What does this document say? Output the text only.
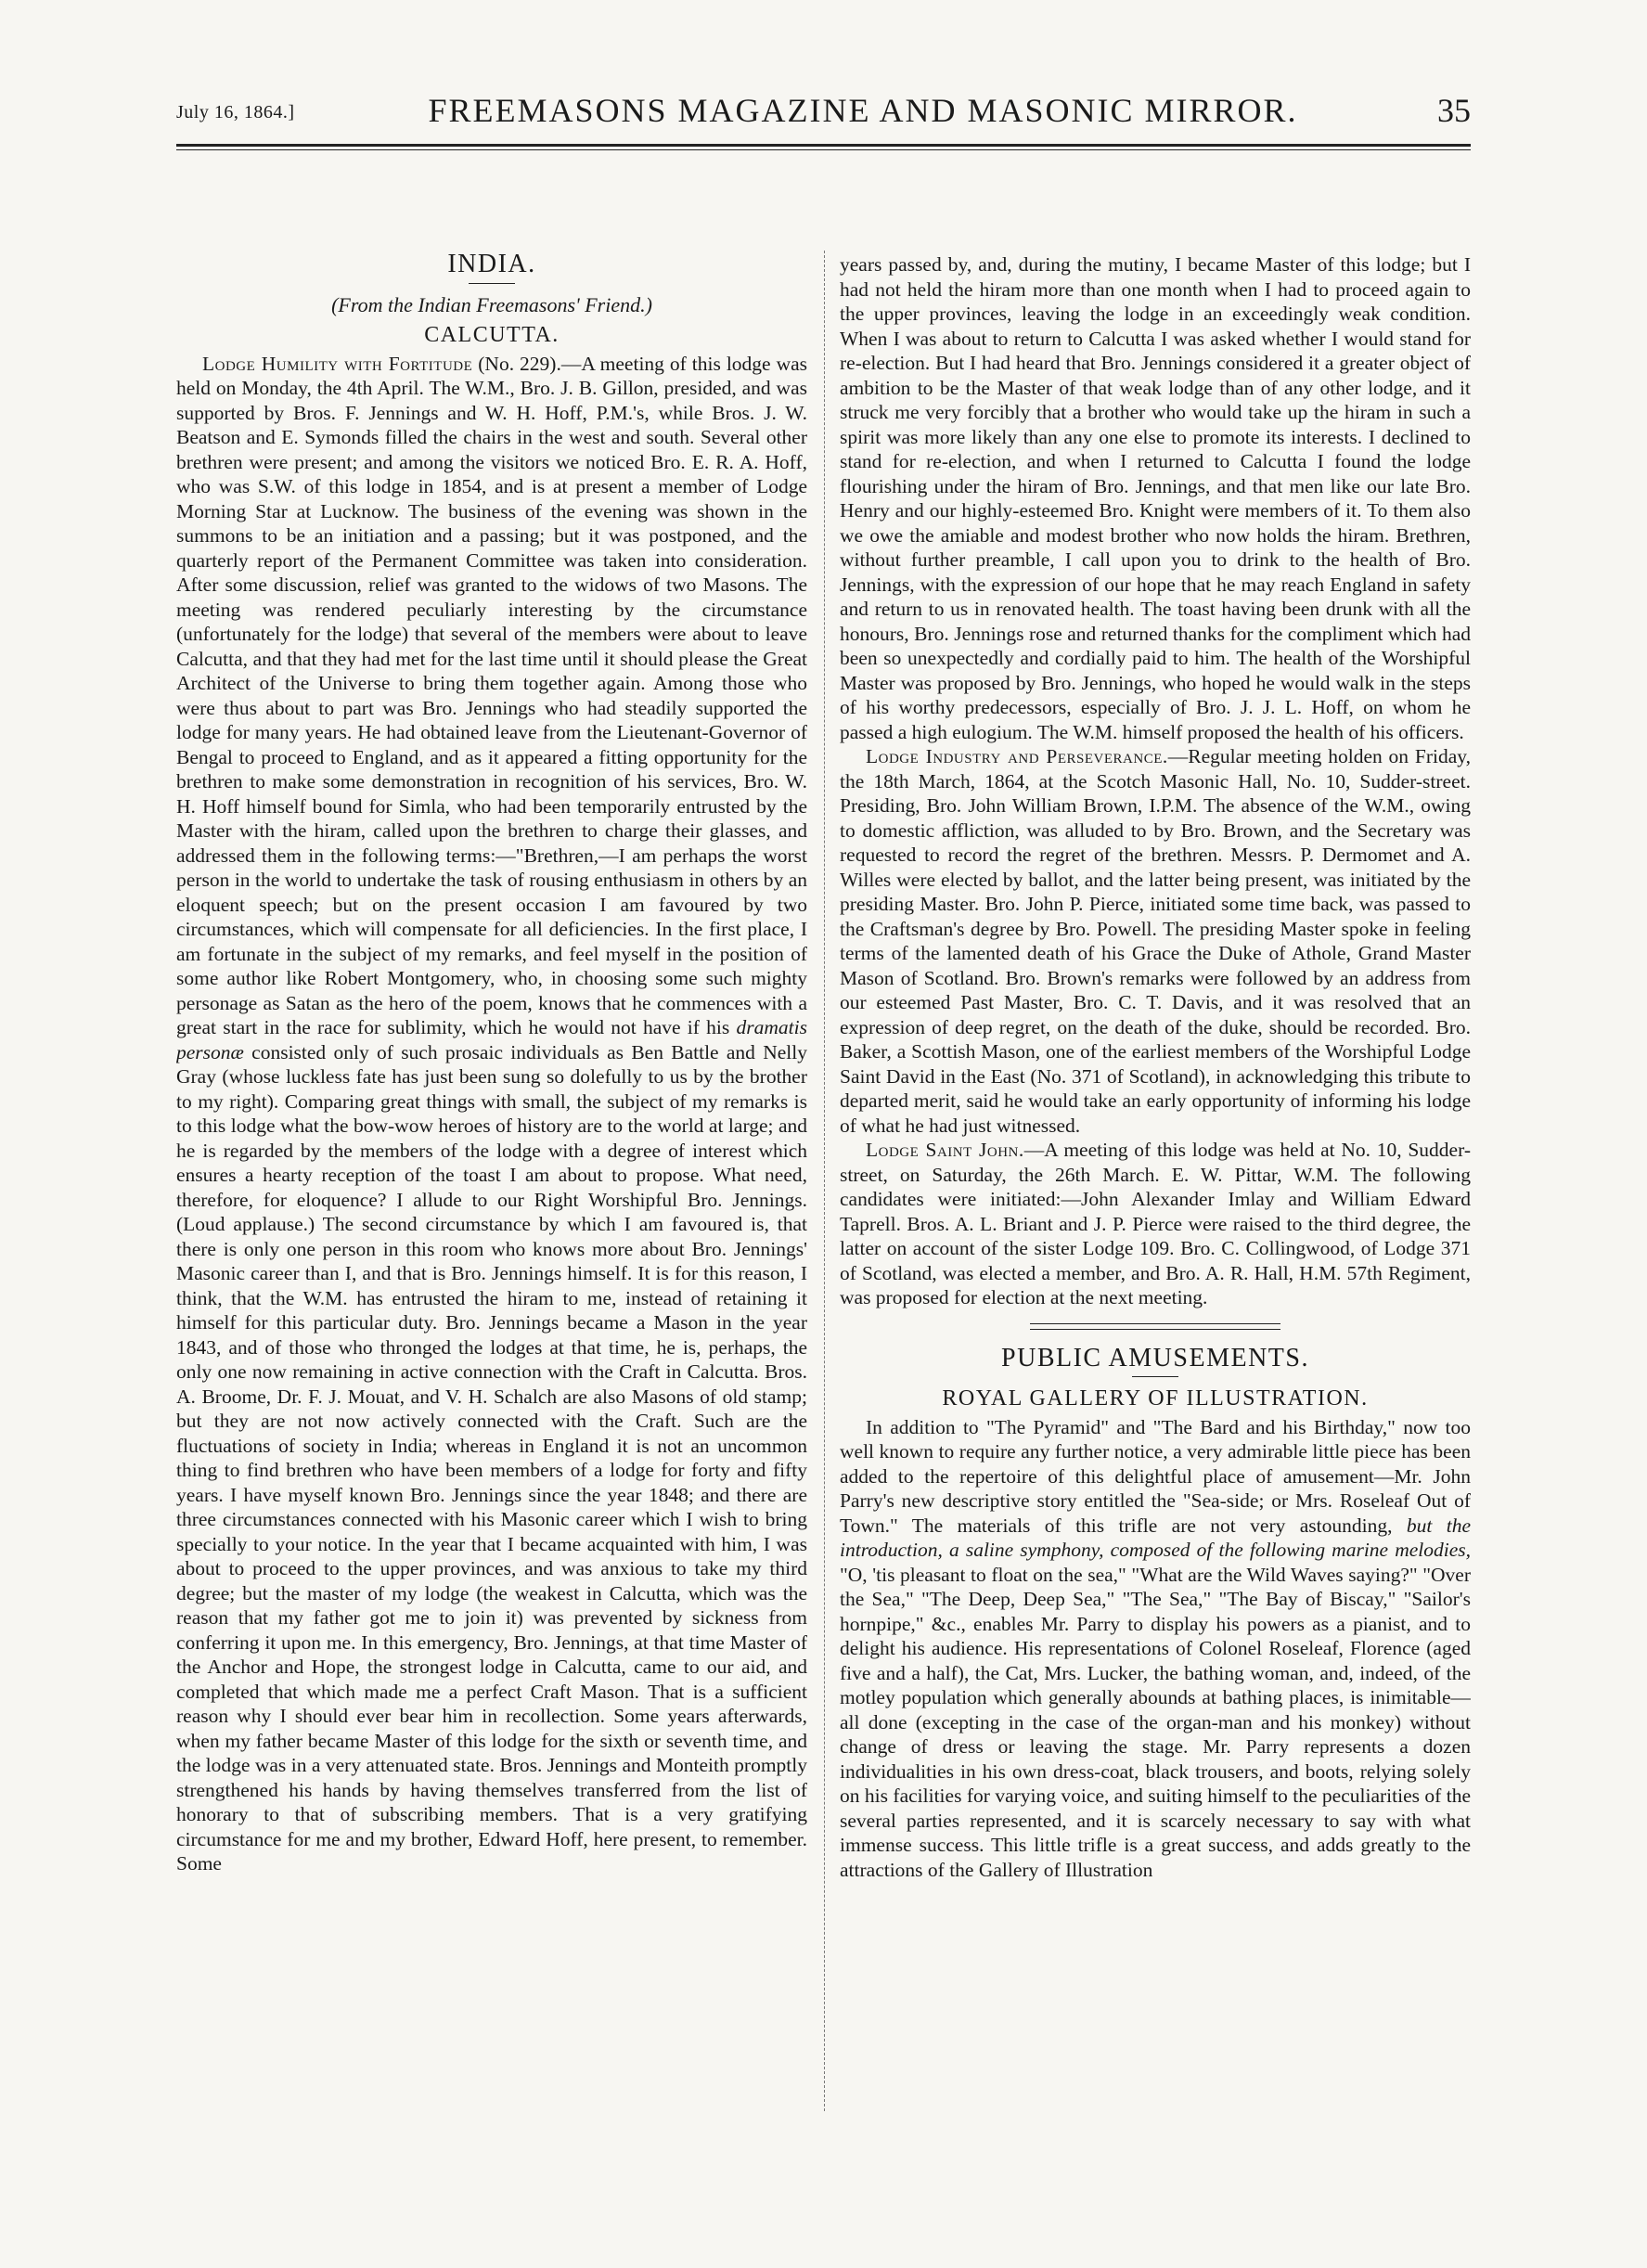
July 16, 1864.]	FREEMASONS MAGAZINE AND MASONIC MIRROR.	35
INDIA.
(From the Indian Freemasons' Friend.)
CALCUTTA.

Lodge Humility with Fortitude (No. 229).—A meeting of this lodge was held on Monday, the 4th April. The W.M., Bro. J. B. Gillon, presided, and was supported by Bros. F. Jennings and W. H. Hoff, P.M.'s, while Bros. J. W. Beatson and E. Symonds filled the chairs in the west and south. Several other brethren were present; and among the visitors we noticed Bro. E. R. A. Hoff, who was S.W. of this lodge in 1854, and is at present a member of Lodge Morning Star at Lucknow. The business of the evening was shown in the summons to be an initiation and a passing; but it was postponed, and the quarterly report of the Permanent Committee was taken into consideration. After some discussion, relief was granted to the widows of two Masons. The meeting was rendered peculiarly interesting by the circumstance (unfortunately for the lodge) that several of the members were about to leave Calcutta, and that they had met for the last time until it should please the Great Architect of the Universe to bring them together again. Among those who were thus about to part was Bro. Jennings who had steadily supported the lodge for many years. He had obtained leave from the Lieutenant-Governor of Bengal to proceed to England, and as it appeared a fitting opportunity for the brethren to make some demonstration in recognition of his services, Bro. W. H. Hoff himself bound for Simla, who had been temporarily entrusted by the Master with the hiram, called upon the brethren to charge their glasses, and addressed them in the following terms:—"Brethren,—I am perhaps the worst person in the world to undertake the task of rousing enthusiasm in others by an eloquent speech; but on the present occasion I am favoured by two circumstances, which will compensate for all deficiencies. In the first place, I am fortunate in the subject of my remarks, and feel myself in the position of some author like Robert Montgomery, who, in choosing some such mighty personage as Satan as the hero of the poem, knows that he commences with a great start in the race for sublimity, which he would not have if his dramatis personæ consisted only of such prosaic individuals as Ben Battle and Nelly Gray (whose luckless fate has just been sung so dolefully to us by the brother to my right). Comparing great things with small, the subject of my remarks is to this lodge what the bow-wow heroes of history are to the world at large; and he is regarded by the members of the lodge with a degree of interest which ensures a hearty reception of the toast I am about to propose. What need, therefore, for eloquence? I allude to our Right Worshipful Bro. Jennings. (Loud applause.) The second circumstance by which I am favoured is, that there is only one person in this room who knows more about Bro. Jennings' Masonic career than I, and that is Bro. Jennings himself. It is for this reason, I think, that the W.M. has entrusted the hiram to me, instead of retaining it himself for this particular duty. Bro. Jennings became a Mason in the year 1843, and of those who thronged the lodges at that time, he is, perhaps, the only one now remaining in active connection with the Craft in Calcutta. Bros. A. Broome, Dr. F. J. Mouat, and V. H. Schalch are also Masons of old stamp; but they are not now actively connected with the Craft. Such are the fluctuations of society in India; whereas in England it is not an uncommon thing to find brethren who have been members of a lodge for forty and fifty years. I have myself known Bro. Jennings since the year 1848; and there are three circumstances connected with his Masonic career which I wish to bring specially to your notice. In the year that I became acquainted with him, I was about to proceed to the upper provinces, and was anxious to take my third degree; but the master of my lodge (the weakest in Calcutta, which was the reason that my father got me to join it) was prevented by sickness from conferring it upon me. In this emergency, Bro. Jennings, at that time Master of the Anchor and Hope, the strongest lodge in Calcutta, came to our aid, and completed that which made me a perfect Craft Mason. That is a sufficient reason why I should ever bear him in recollection. Some years afterwards, when my father became Master of this lodge for the sixth or seventh time, and the lodge was in a very attenuated state. Bros. Jennings and Monteith promptly strengthened his hands by having themselves transferred from the list of honorary to that of subscribing members. That is a very gratifying circumstance for me and my brother, Edward Hoff, here present, to remember. Some

years passed by, and, during the mutiny, I became Master of this lodge; but I had not held the hiram more than one month when I had to proceed again to the upper provinces, leaving the lodge in an exceedingly weak condition. When I was about to return to Calcutta I was asked whether I would stand for re-election. But I had heard that Bro. Jennings considered it a greater object of ambition to be the Master of that weak lodge than of any other lodge, and it struck me very forcibly that a brother who would take up the hiram in such a spirit was more likely than any one else to promote its interests. I declined to stand for re-election, and when I returned to Calcutta I found the lodge flourishing under the hiram of Bro. Jennings, and that men like our late Bro. Henry and our highly-esteemed Bro. Knight were members of it. To them also we owe the amiable and modest brother who now holds the hiram. Brethren, without further preamble, I call upon you to drink to the health of Bro. Jennings, with the expression of our hope that he may reach England in safety and return to us in renovated health. The toast having been drunk with all the honours, Bro. Jennings rose and returned thanks for the compliment which had been so unexpectedly and cordially paid to him. The health of the Worshipful Master was proposed by Bro. Jennings, who hoped he would walk in the steps of his worthy predecessors, especially of Bro. J. J. L. Hoff, on whom he passed a high eulogium. The W.M. himself proposed the health of his officers.

Lodge Industry and Perseverance.—Regular meeting holden on Friday, the 18th March, 1864, at the Scotch Masonic Hall, No. 10, Sudder-street. Presiding, Bro. John William Brown, I.P.M. The absence of the W.M., owing to domestic affliction, was alluded to by Bro. Brown, and the Secretary was requested to record the regret of the brethren. Messrs. P. Dermomet and A. Willes were elected by ballot, and the latter being present, was initiated by the presiding Master. Bro. John P. Pierce, initiated some time back, was passed to the Craftsman's degree by Bro. Powell. The presiding Master spoke in feeling terms of the lamented death of his Grace the Duke of Athole, Grand Master Mason of Scotland. Bro. Brown's remarks were followed by an address from our esteemed Past Master, Bro. C. T. Davis, and it was resolved that an expression of deep regret, on the death of the duke, should be recorded. Bro. Baker, a Scottish Mason, one of the earliest members of the Worshipful Lodge Saint David in the East (No. 371 of Scotland), in acknowledging this tribute to departed merit, said he would take an early opportunity of informing his lodge of what he had just witnessed.

Lodge Saint John.—A meeting of this lodge was held at No. 10, Sudder-street, on Saturday, the 26th March. E. W. Pittar, W.M. The following candidates were initiated:—John Alexander Imlay and William Edward Taprell. Bros. A. L. Briant and J. P. Pierce were raised to the third degree, the latter on account of the sister Lodge 109. Bro. C. Collingwood, of Lodge 371 of Scotland, was elected a member, and Bro. A. R. Hall, H.M. 57th Regiment, was proposed for election at the next meeting.

PUBLIC AMUSEMENTS.
ROYAL GALLERY OF ILLUSTRATION.

In addition to "The Pyramid" and "The Bard and his Birthday," now too well known to require any further notice, a very admirable little piece has been added to the repertoire of this delightful place of amusement—Mr. John Parry's new descriptive story entitled the "Sea-side; or Mrs. Roseleaf Out of Town." The materials of this trifle are not very astounding, but the introduction, a saline symphony, composed of the following marine melodies, "O, 'tis pleasant to float on the sea," "What are the Wild Waves saying?" "Over the Sea," "The Deep, Deep Sea," "The Sea," "The Bay of Biscay," "Sailor's hornpipe," &c., enables Mr. Parry to display his powers as a pianist, and to delight his audience. His representations of Colonel Roseleaf, Florence (aged five and a half), the Cat, Mrs. Lucker, the bathing woman, and, indeed, of the motley population which generally abounds at bathing places, is inimitable—all done (excepting in the case of the organ-man and his monkey) without change of dress or leaving the stage. Mr. Parry represents a dozen individualities in his own dress-coat, black trousers, and boots, relying solely on his facilities for varying voice, and suiting himself to the peculiarities of the several parties represented, and it is scarcely necessary to say with what immense success. This little trifle is a great success, and adds greatly to the attractions of the Gallery of Illustration
